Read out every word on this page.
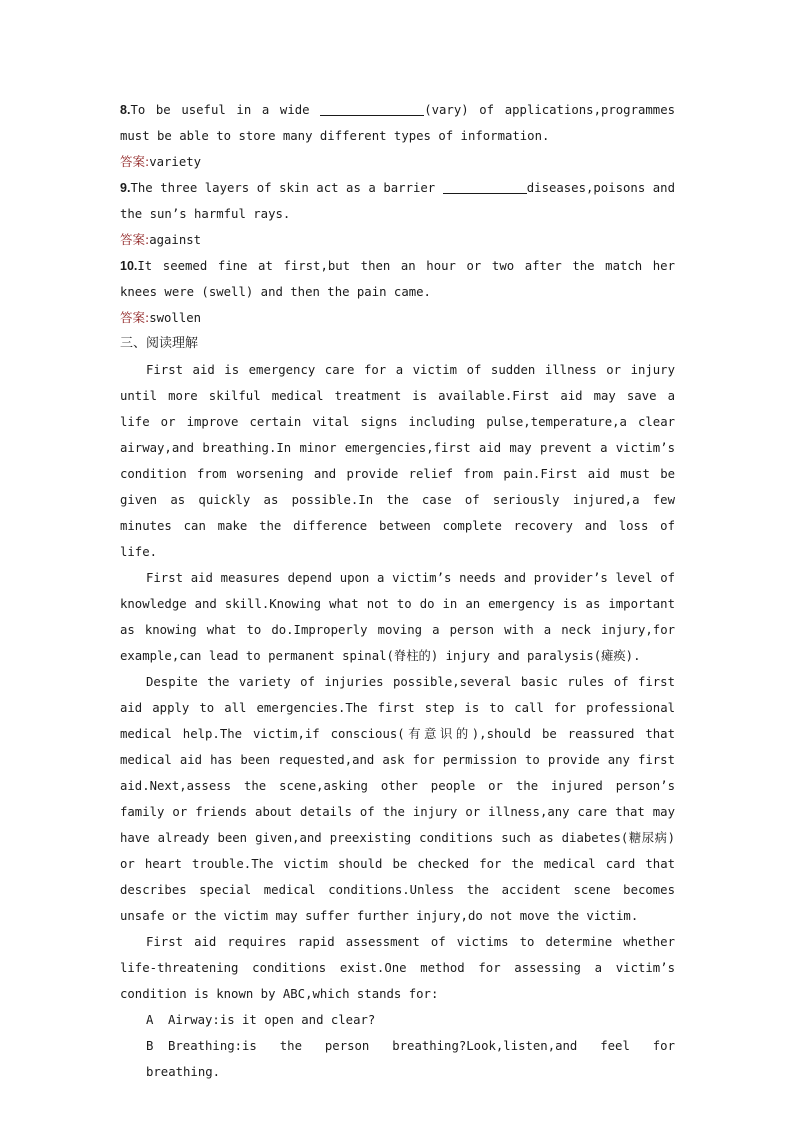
8.To be useful in a wide	(vary) of applications,programmes must be able to store many different types of information.

答案:variety

9.The three layers of skin act as a barrier	diseases,poisons and the sun’s harmful rays.

答案:against

10.It seemed fine at first,but then an hour or two after the match her knees were (swell) and then the pain came.

答案:swollen

三、阅读理解

First aid is emergency care for a victim of sudden illness or injury until more skilful medical treatment is available.First aid may save a life or improve certain vital signs including pulse,temperature,a clear airway,and breathing.In minor emergencies,first aid may prevent a victim’s condition from worsening and provide relief from pain.First aid must be given as quickly as possible.In the case of seriously injured,a few minutes can make the difference between complete recovery and loss of life.

First aid measures depend upon a victim’s needs and provider’s level of knowledge and skill.Knowing what not to do in an emergency is as important as knowing what to do.Improperly moving a person with a neck injury,for example,can lead to permanent spinal(脊柱的) injury and paralysis(瘫痪).

Despite the variety of injuries possible,several basic rules of first aid apply to all emergencies.The first step is to call for professional medical help.The victim,if conscious(有意识的),should be reassured that medical aid has been requested,and ask for permission to provide any first aid.Next,assess the scene,asking other people or the injured person’s family or friends about details of the injury or illness,any care that may have already been given,and preexisting conditions such as diabetes(糖尿病) or heart trouble.The victim should be checked for the medical card that describes special medical conditions.Unless the accident scene becomes unsafe or the victim may suffer further injury,do not move the victim.

First aid requires rapid assessment of victims to determine whether life-threatening conditions exist.One method for assessing a victim’s condition is known by ABC,which stands for:

A Airway:is it open and clear?

B Breathing:is the person breathing?Look,listen,and feel for breathing.
